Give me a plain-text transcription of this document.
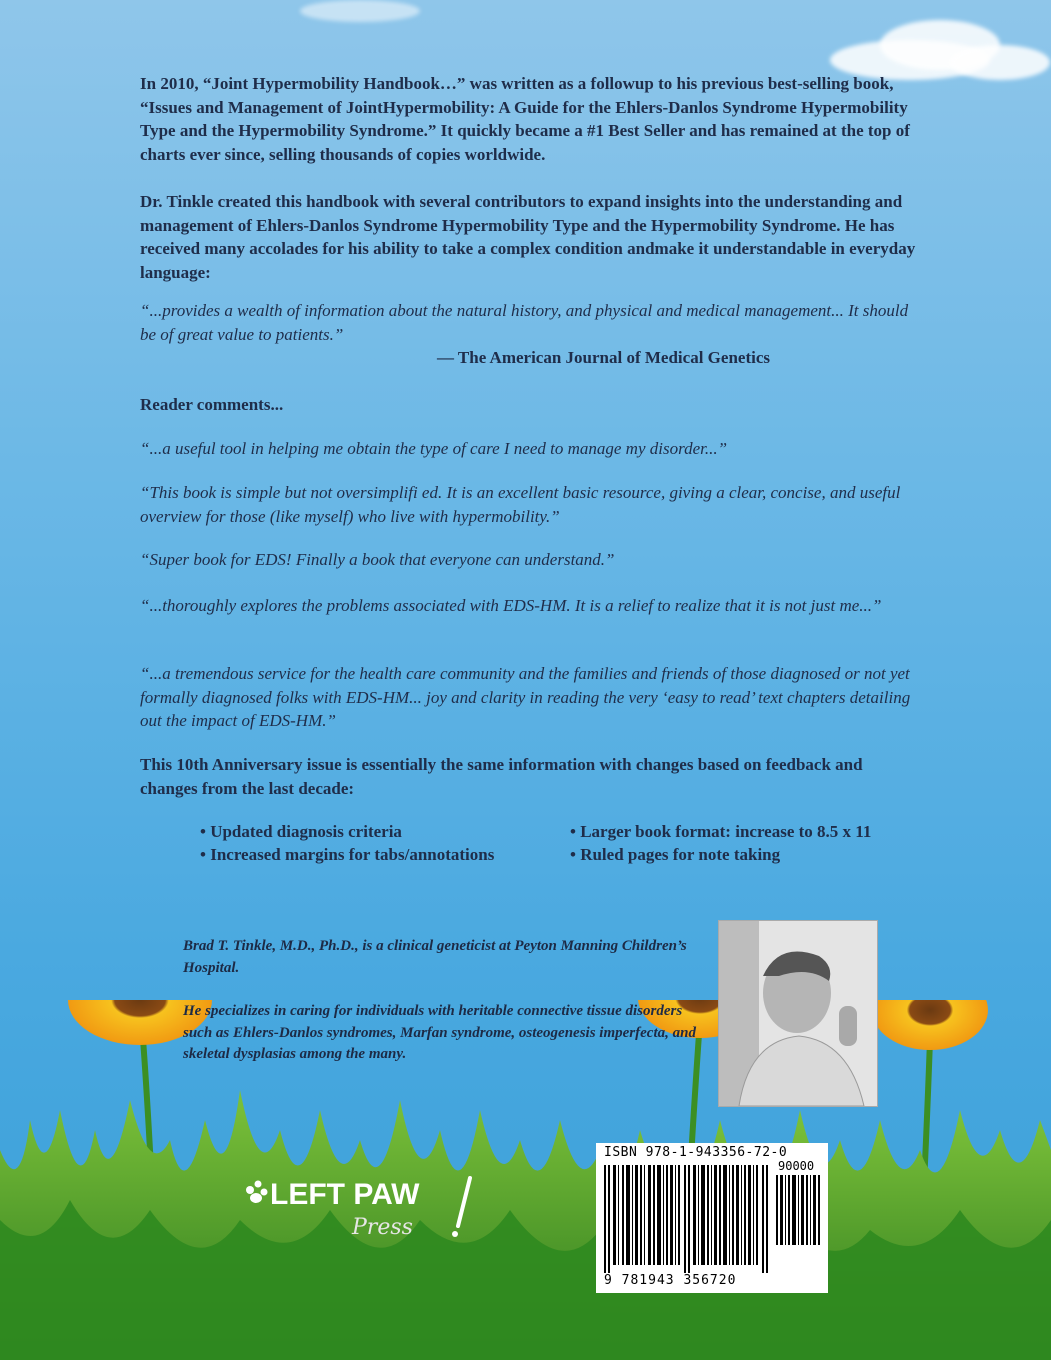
In 2010, “Joint Hypermobility Handbook…” was written as a followup to his previous best-selling book, “Issues and Management of JointHypermobility: A Guide for the Ehlers-Danlos Syndrome Hypermobility Type and the Hypermobility Syndrome.” It quickly became a #1 Best Seller and has remained at the top of charts ever since, selling thousands of copies worldwide.

Dr. Tinkle created this handbook with several contributors to expand insights into the understanding and management of Ehlers-Danlos Syndrome Hypermobility Type and the Hypermobility Syndrome. He has received many accolades for his ability to take a complex condition andmake it understandable in everyday language:

“...provides a wealth of information about the natural history, and physical and medical management... It should be of great value to patients.”

— The American Journal of Medical Genetics

Reader comments...

“...a useful tool in helping me obtain the type of care I need to manage my disorder...”

“This book is simple but not oversimplifi ed. It is an excellent basic resource, giving a clear, concise, and useful overview for those (like myself) who live with hypermobility.”

“Super book for EDS! Finally a book that everyone can understand.”

“...thoroughly explores the problems associated with EDS-HM. It is a relief to realize that it is not just me...”

“...a tremendous service for the health care community and the families and friends of those diagnosed or not yet formally diagnosed folks with EDS-HM... joy and clarity in reading the very ‘easy to read’ text chapters detailing out the impact of EDS-HM.”

This 10th Anniversary issue is essentially the same information with changes based on feedback and changes from the last decade:

• Updated diagnosis criteria	• Larger book format: increase to 8.5 x 11
• Increased margins for tabs/annotations	• Ruled pages for note taking

Brad T. Tinkle, M.D., Ph.D., is a clinical geneticist at Peyton Manning Children’s Hospital.

He specializes in caring for individuals with heritable connective tissue disorders such as Ehlers-Danlos syndromes, Marfan syndrome, osteogenesis imperfecta, and skeletal dysplasias among the many.

LEFT PAW
Press
ISBN 978-1-943356-72-0
90000
9 781943 356720
